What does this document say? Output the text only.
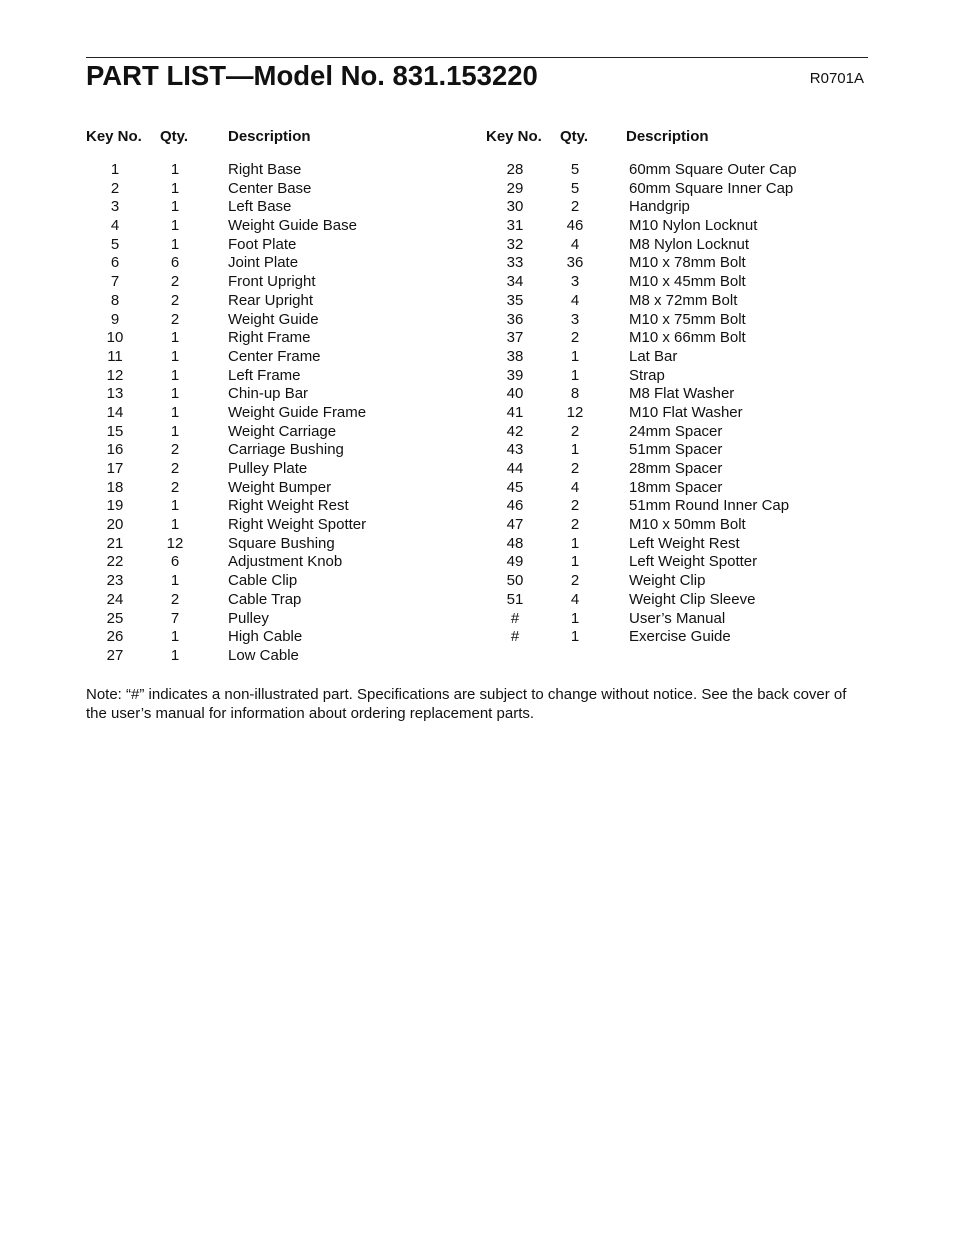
PART LIST—Model No. 831.153220	R0701A
Key No. Qty.	Description
1	1	Right Base
2	1	Center Base
3	1	Left Base
4	1	Weight Guide Base
5	1	Foot Plate
6	6	Joint Plate
7	2	Front Upright
8	2	Rear Upright
9	2	Weight Guide
10	1	Right Frame
11	1	Center Frame
12	1	Left Frame
13	1	Chin-up Bar
14	1	Weight Guide Frame
15	1	Weight Carriage
16	2	Carriage Bushing
17	2	Pulley Plate
18	2	Weight Bumper
19	1	Right Weight Rest
20	1	Right Weight Spotter
21	12	Square Bushing
22	6	Adjustment Knob
23	1	Cable Clip
24	2	Cable Trap
25	7	Pulley
26	1	High Cable
27	1	Low Cable
Key No. Qty.	Description
28	5	60mm Square Outer Cap
29	5	60mm Square Inner Cap
30	2	Handgrip
31	46	M10 Nylon Locknut
32	4	M8 Nylon Locknut
33	36	M10 x 78mm Bolt
34	3	M10 x 45mm Bolt
35	4	M8 x 72mm Bolt
36	3	M10 x 75mm Bolt
37	2	M10 x 66mm Bolt
38	1	Lat Bar
39	1	Strap
40	8	M8 Flat Washer
41	12	M10 Flat Washer
42	2	24mm Spacer
43	1	51mm Spacer
44	2	28mm Spacer
45	4	18mm Spacer
46	2	51mm Round Inner Cap
47	2	M10 x 50mm Bolt
48	1	Left Weight Rest
49	1	Left Weight Spotter
50	2	Weight Clip
51	4	Weight Clip Sleeve
#	1	User’s Manual
#	1	Exercise Guide
Note: “#” indicates a non-illustrated part. Specifications are subject to change without notice. See the back cover of the user’s manual for information about ordering replacement parts.
